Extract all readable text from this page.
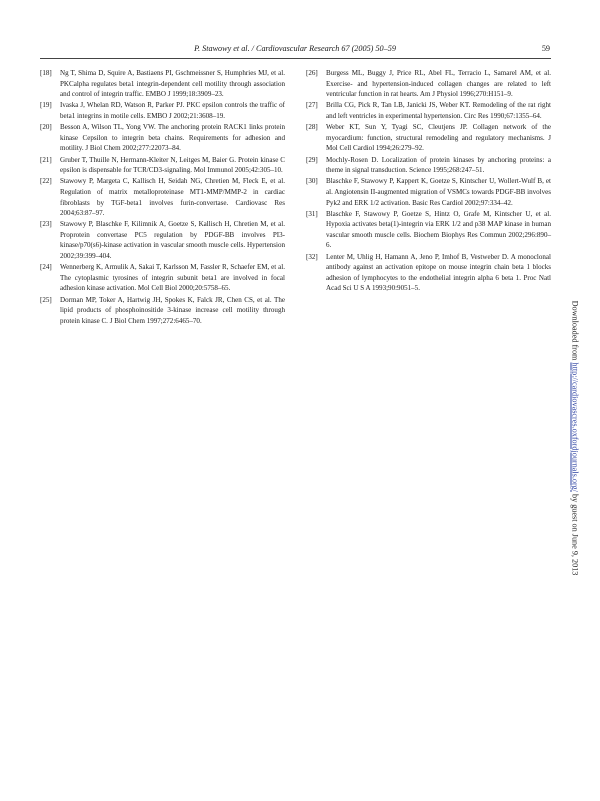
P. Stawowy et al. / Cardiovascular Research 67 (2005) 50–59	59
[18] Ng T, Shima D, Squire A, Bastiaens PI, Gschmeissner S, Humphries MJ, et al. PKCalpha regulates beta1 integrin-dependent cell motility through association and control of integrin traffic. EMBO J 1999;18:3909–23.
[19] Ivaska J, Whelan RD, Watson R, Parker PJ. PKC epsilon controls the traffic of beta1 integrins in motile cells. EMBO J 2002;21:3608–19.
[20] Besson A, Wilson TL, Yong VW. The anchoring protein RACK1 links protein kinase Cepsilon to integrin beta chains. Requirements for adhesion and motility. J Biol Chem 2002;277:22073–84.
[21] Gruber T, Thuille N, Hermann-Kleiter N, Leitges M, Baier G. Protein kinase C epsilon is dispensable for TCR/CD3-signaling. Mol Immunol 2005;42:305–10.
[22] Stawowy P, Margeta C, Kallisch H, Seidah NG, Chretien M, Fleck E, et al. Regulation of matrix metalloproteinase MT1-MMP/MMP-2 in cardiac fibroblasts by TGF-beta1 involves furin-convertase. Cardiovasc Res 2004;63:87–97.
[23] Stawowy P, Blaschke F, Kilimnik A, Goetze S, Kallisch H, Chretien M, et al. Proprotein convertase PC5 regulation by PDGF-BB involves PI3-kinase/p70(s6)-kinase activation in vascular smooth muscle cells. Hypertension 2002;39:399–404.
[24] Wennerberg K, Armulik A, Sakai T, Karlsson M, Fassler R, Schaefer EM, et al. The cytoplasmic tyrosines of integrin subunit beta1 are involved in focal adhesion kinase activation. Mol Cell Biol 2000;20:5758–65.
[25] Dorman MP, Toker A, Hartwig JH, Spokes K, Falck JR, Chen CS, et al. The lipid products of phosphoinositide 3-kinase increase cell motility through protein kinase C. J Biol Chem 1997;272:6465–70.
[26] Burgess ML, Buggy J, Price RL, Abel FL, Terracio L, Samarel AM, et al. Exercise- and hypertension-induced collagen changes are related to left ventricular function in rat hearts. Am J Physiol 1996;270:H151–9.
[27] Brilla CG, Pick R, Tan LB, Janicki JS, Weber KT. Remodeling of the rat right and left ventricles in experimental hypertension. Circ Res 1990;67:1355–64.
[28] Weber KT, Sun Y, Tyagi SC, Cleutjens JP. Collagen network of the myocardium: function, structural remodeling and regulatory mechanisms. J Mol Cell Cardiol 1994;26:279–92.
[29] Mochly-Rosen D. Localization of protein kinases by anchoring proteins: a theme in signal transduction. Science 1995;268:247–51.
[30] Blaschke F, Stawowy P, Kappert K, Goetze S, Kintscher U, Wollert-Wulf B, et al. Angiotensin II-augmented migration of VSMCs towards PDGF-BB involves Pyk2 and ERK 1/2 activation. Basic Res Cardiol 2002;97:334–42.
[31] Blaschke F, Stawowy P, Goetze S, Hintz O, Grafe M, Kintscher U, et al. Hypoxia activates beta(1)-integrin via ERK 1/2 and p38 MAP kinase in human vascular smooth muscle cells. Biochem Biophys Res Commun 2002;296:890–6.
[32] Lenter M, Uhlig H, Hamann A, Jeno P, Imhof B, Vestweber D. A monoclonal antibody against an activation epitope on mouse integrin chain beta 1 blocks adhesion of lymphocytes to the endothelial integrin alpha 6 beta 1. Proc Natl Acad Sci U S A 1993;90:9051–5.
Downloaded from http://cardiovascres.oxfordjournals.org/ by guest on June 9, 2013
